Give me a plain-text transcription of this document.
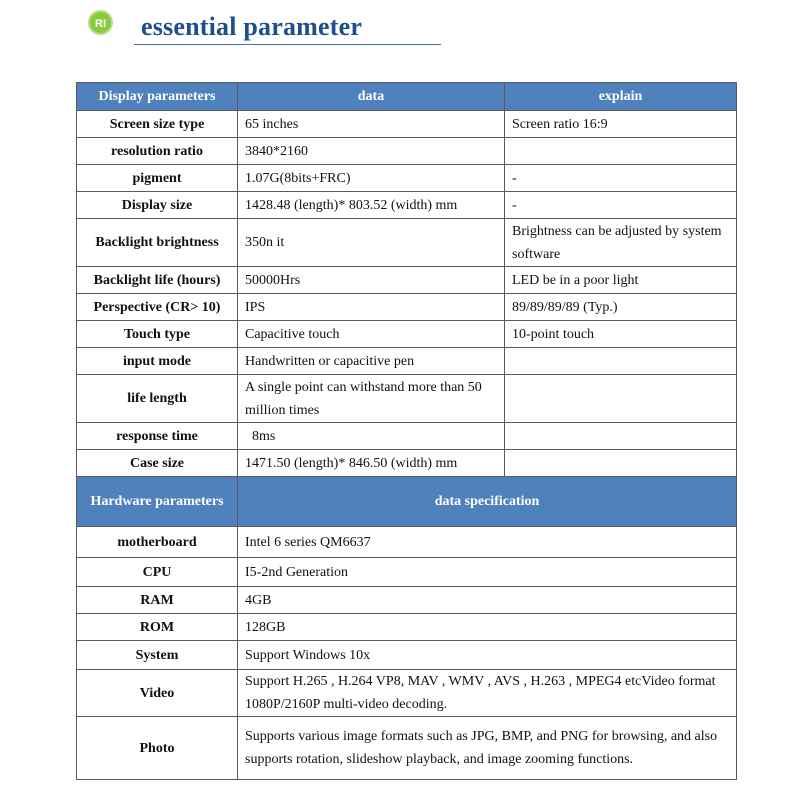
RI essential parameter
Display parameters	data	explain
Screen size type	65 inches	Screen ratio 16:9
resolution ratio	3840*2160	
pigment	1.07G(8bits+FRC)	-
Display size	1428.48 (length)* 803.52 (width) mm	-
Backlight brightness	350n it	Brightness can be adjusted by system software
Backlight life (hours)	50000Hrs	LED be in a poor light
Perspective (CR> 10)	IPS	89/89/89/89 (Typ.)
Touch type	Capacitive touch	10-point touch
input mode	Handwritten or capacitive pen	
life length	A single point can withstand more than 50 million times	
response time	8ms	
Case size	1471.50 (length)* 846.50 (width) mm	
Hardware parameters	data specification	
motherboard	Intel 6 series QM6637	
CPU	I5-2nd Generation	
RAM	4GB	
ROM	128GB	
System	Support Windows 10x	
Video	Support H.265 , H.264 VP8, MAV , WMV , AVS , H.263 , MPEG4 etcVideo format 1080P/2160P multi-video decoding.	
Photo	Supports various image formats such as JPG, BMP, and PNG for browsing, and also supports rotation, slideshow playback, and image zooming functions.	
